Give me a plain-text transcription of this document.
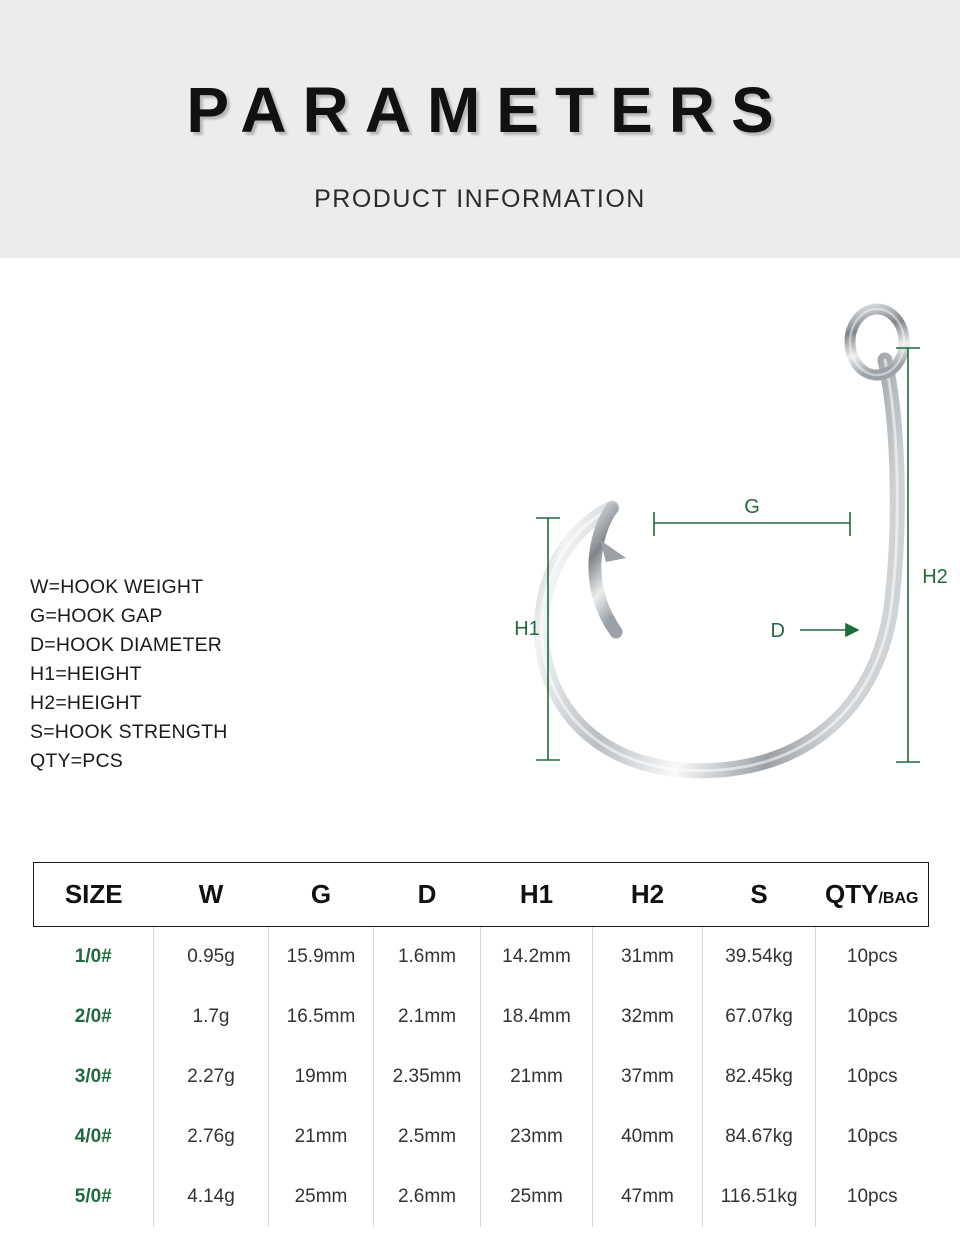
PARAMETERS
PRODUCT INFORMATION
W=HOOK WEIGHT
G=HOOK GAP
D=HOOK DIAMETER
H1=HEIGHT
H2=HEIGHT
S=HOOK STRENGTH
QTY=PCS
G
H1
H2
D
SIZE	W	G	D	H1	H2	S	QTY/BAG
1/0#	0.95g	15.9mm	1.6mm	14.2mm	31mm	39.54kg	10pcs
2/0#	1.7g	16.5mm	2.1mm	18.4mm	32mm	67.07kg	10pcs
3/0#	2.27g	19mm	2.35mm	21mm	37mm	82.45kg	10pcs
4/0#	2.76g	21mm	2.5mm	23mm	40mm	84.67kg	10pcs
5/0#	4.14g	25mm	2.6mm	25mm	47mm	116.51kg	10pcs
